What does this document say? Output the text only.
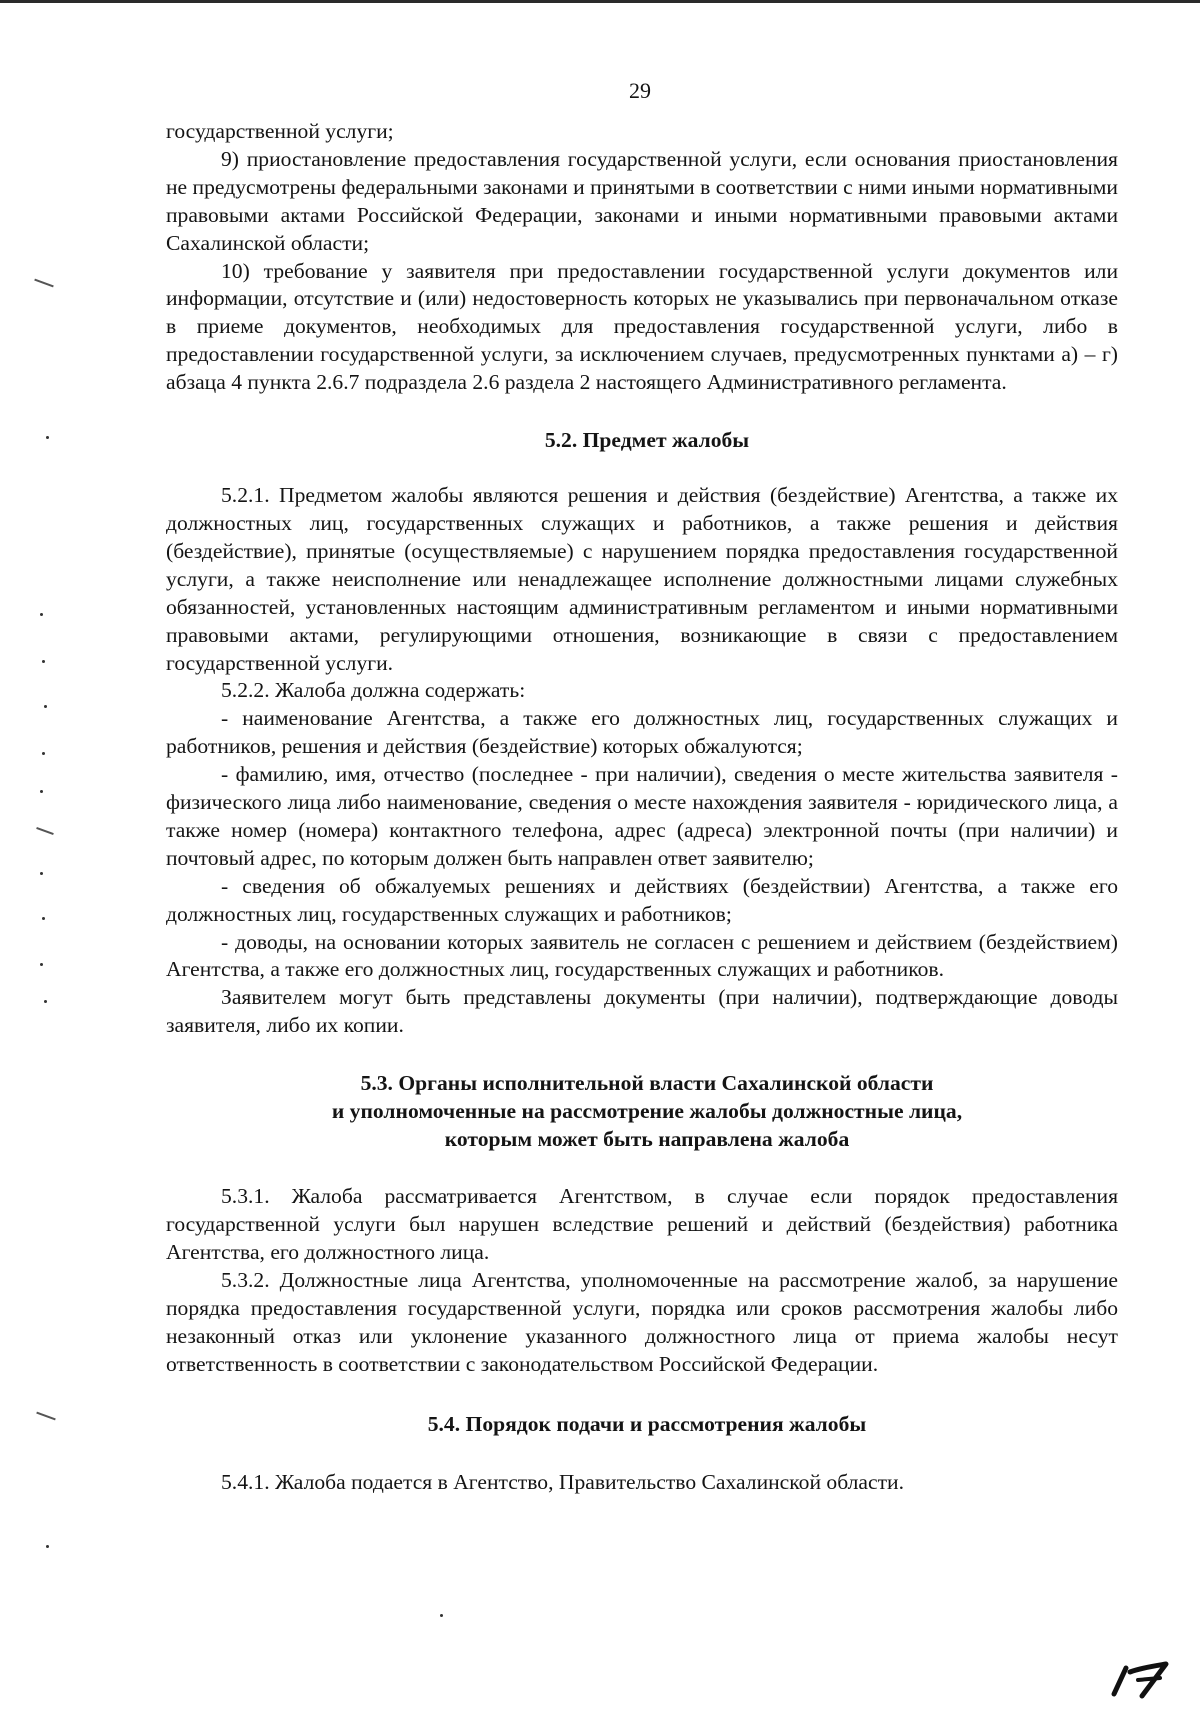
29

государственной услуги;

9) приостановление предоставления государственной услуги, если основания приостановления не предусмотрены федеральными законами и принятыми в соответствии с ними иными нормативными правовыми актами Российской Федерации, законами и иными нормативными правовыми актами Сахалинской области;

10) требование у заявителя при предоставлении государственной услуги документов или информации, отсутствие и (или) недостоверность которых не указывались при первоначальном отказе в приеме документов, необходимых для предоставления государственной услуги, либо в предоставлении государственной услуги, за исключением случаев, предусмотренных пунктами а) – г) абзаца 4 пункта 2.6.7 подраздела 2.6 раздела 2 настоящего Административного регламента.

5.2. Предмет жалобы

5.2.1. Предметом жалобы являются решения и действия (бездействие) Агентства, а также их должностных лиц, государственных служащих и работников, а также решения и действия (бездействие), принятые (осуществляемые) с нарушением порядка предоставления государственной услуги, а также неисполнение или ненадлежащее исполнение должностными лицами служебных обязанностей, установленных настоящим административным регламентом и иными нормативными правовыми актами, регулирующими отношения, возникающие в связи с предоставлением государственной услуги.

5.2.2. Жалоба должна содержать:

- наименование Агентства, а также его должностных лиц, государственных служащих и работников, решения и действия (бездействие) которых обжалуются;

- фамилию, имя, отчество (последнее - при наличии), сведения о месте жительства заявителя - физического лица либо наименование, сведения о месте нахождения заявителя - юридического лица, а также номер (номера) контактного телефона, адрес (адреса) электронной почты (при наличии) и почтовый адрес, по которым должен быть направлен ответ заявителю;

- сведения об обжалуемых решениях и действиях (бездействии) Агентства, а также его должностных лиц, государственных служащих и работников;

- доводы, на основании которых заявитель не согласен с решением и действием (бездействием) Агентства, а также его должностных лиц, государственных служащих и работников.

Заявителем могут быть представлены документы (при наличии), подтверждающие доводы заявителя, либо их копии.

5.3. Органы исполнительной власти Сахалинской области
и уполномоченные на рассмотрение жалобы должностные лица,
которым может быть направлена жалоба

5.3.1. Жалоба рассматривается Агентством, в случае если порядок предоставления государственной услуги был нарушен вследствие решений и действий (бездействия) работника Агентства, его должностного лица.

5.3.2. Должностные лица Агентства, уполномоченные на рассмотрение жалоб, за нарушение порядка предоставления государственной услуги, порядка или сроков рассмотрения жалобы либо незаконный отказ или уклонение указанного должностного лица от приема жалобы несут ответственность в соответствии с законодательством Российской Федерации.

5.4. Порядок подачи и рассмотрения жалобы

5.4.1. Жалоба подается в Агентство, Правительство Сахалинской области.
